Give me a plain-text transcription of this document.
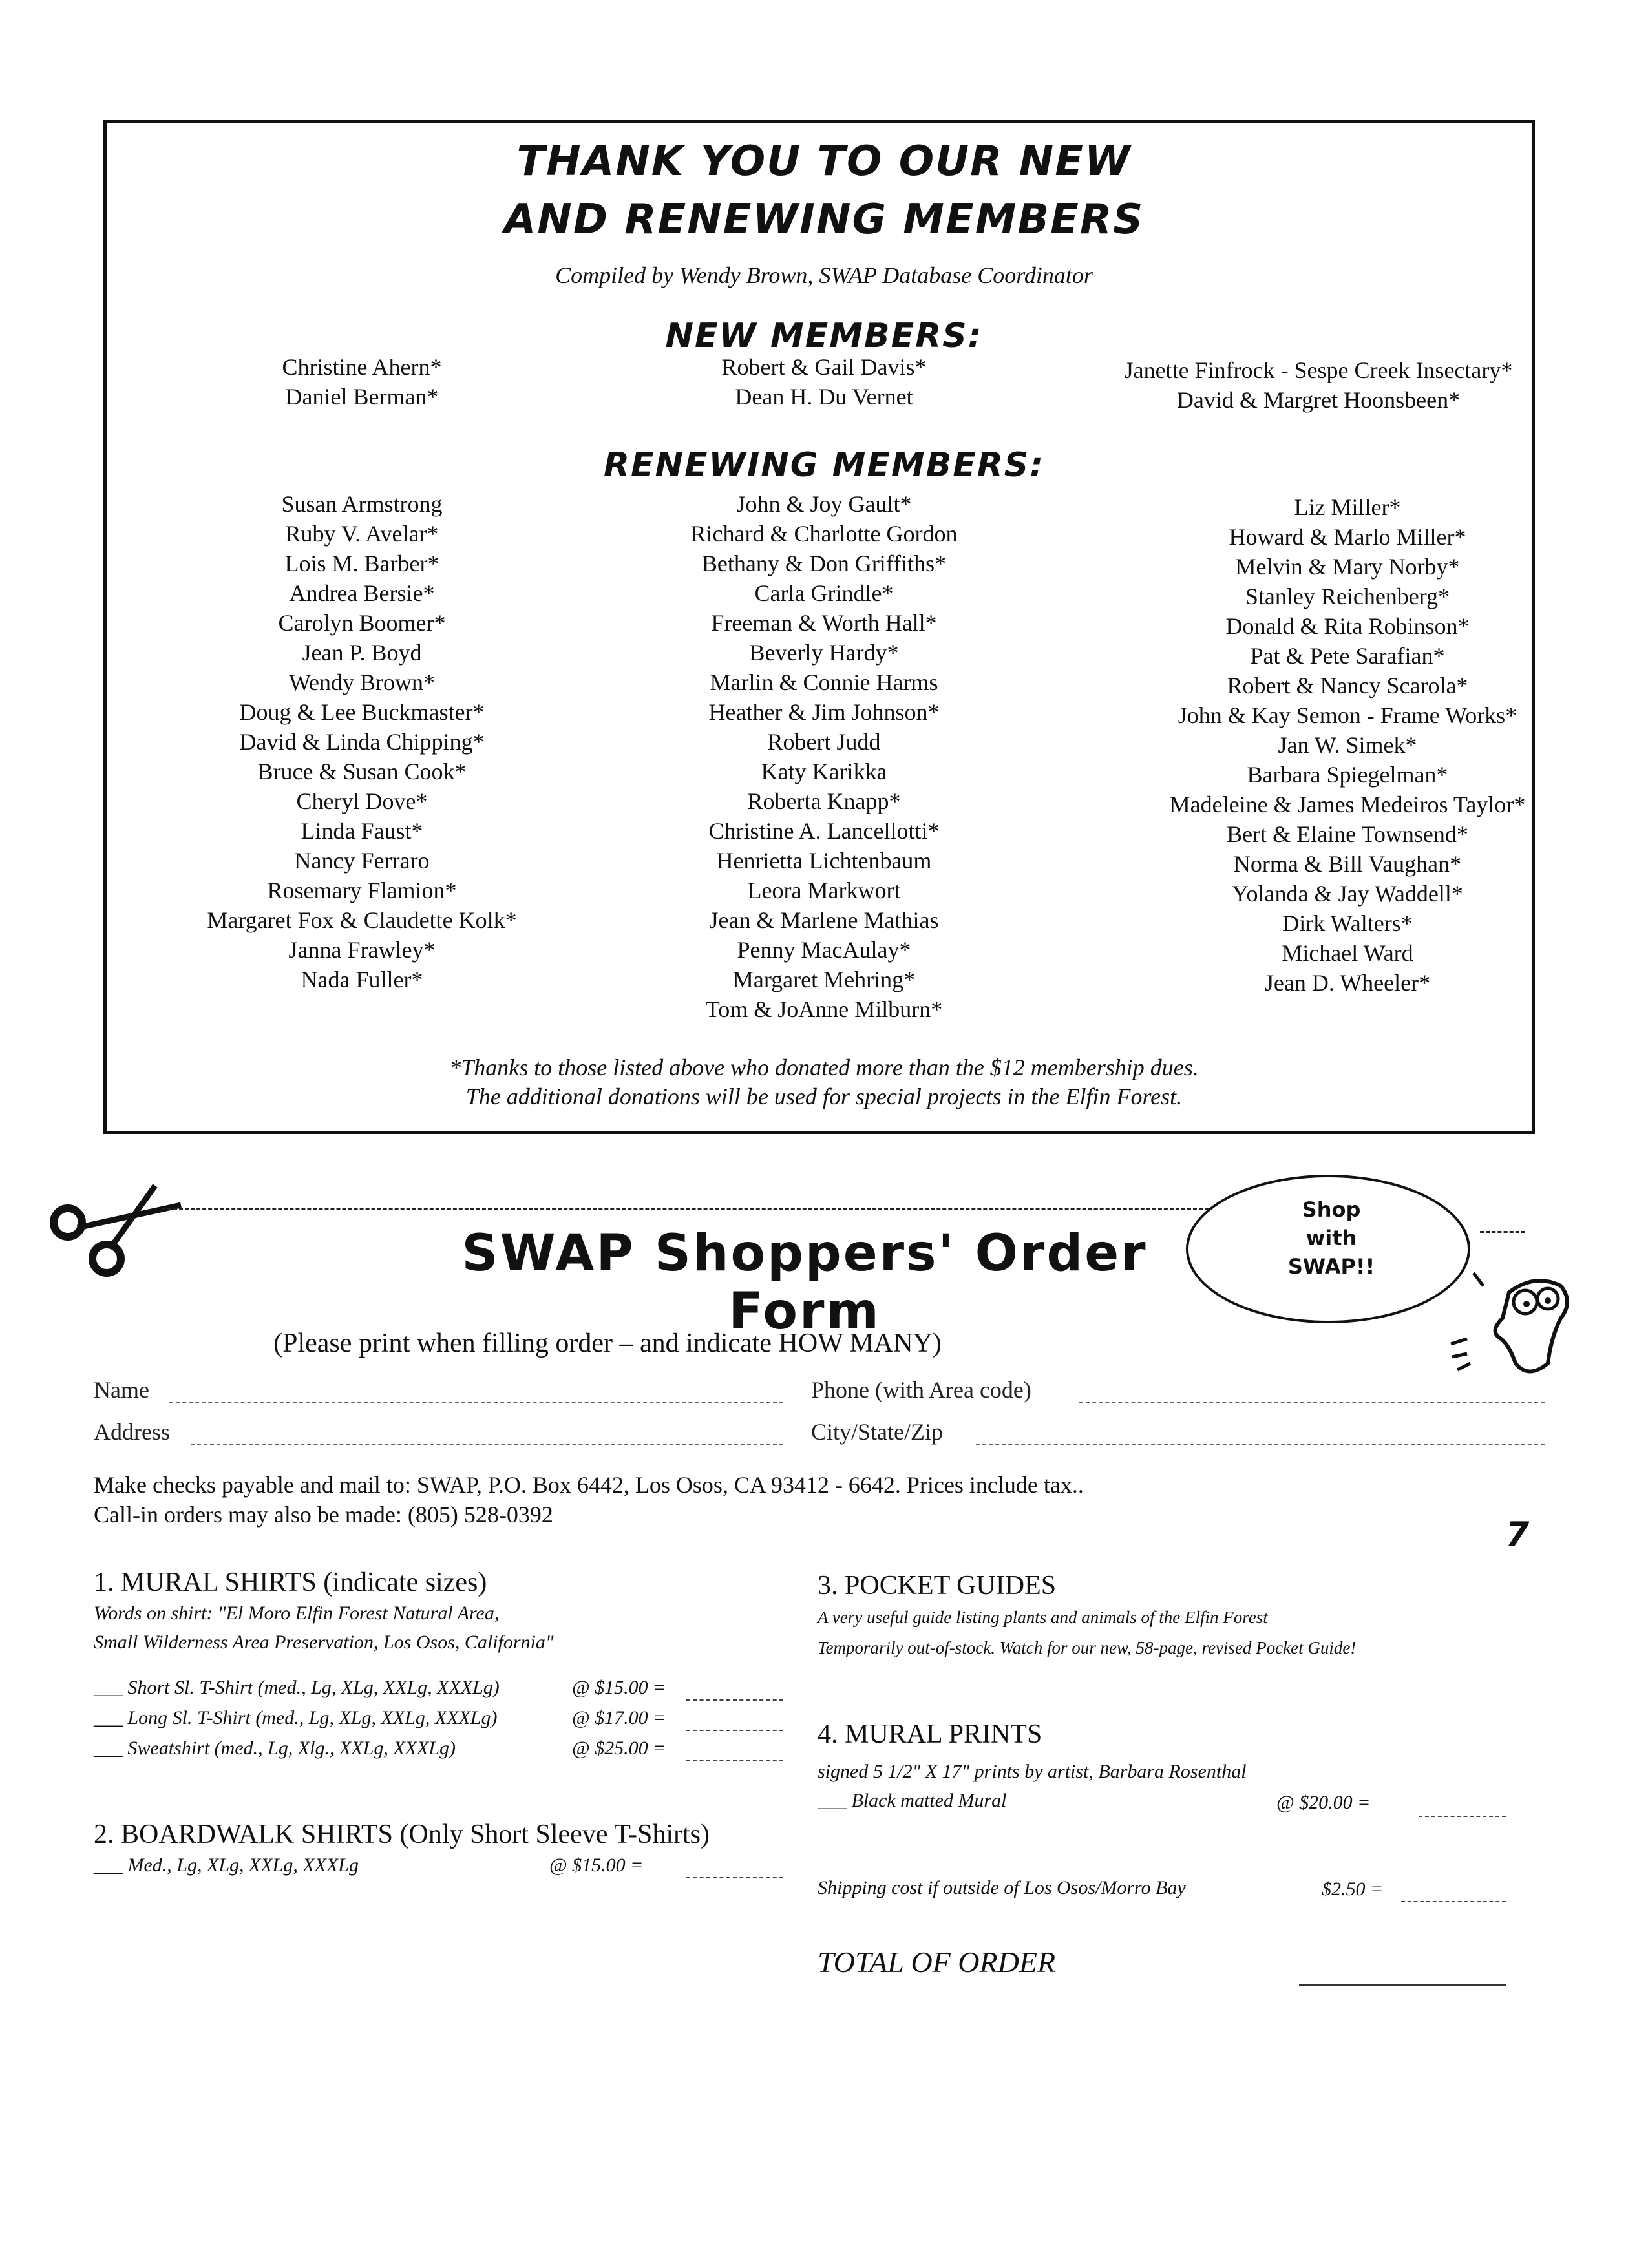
THANK YOU TO OUR NEW
AND RENEWING MEMBERS
Compiled by Wendy Brown, SWAP Database Coordinator
NEW MEMBERS:
Christine Ahern*
Daniel Berman*
Robert & Gail Davis*
Dean H. Du Vernet
Janette Finfrock - Sespe Creek Insectary*
David & Margret Hoonsbeen*
RENEWING MEMBERS:
Susan Armstrong
Ruby V. Avelar*
Lois M. Barber*
Andrea Bersie*
Carolyn Boomer*
Jean P. Boyd
Wendy Brown*
Doug & Lee Buckmaster*
David & Linda Chipping*
Bruce & Susan Cook*
Cheryl Dove*
Linda Faust*
Nancy Ferraro
Rosemary Flamion*
Margaret Fox & Claudette Kolk*
Janna Frawley*
Nada Fuller*
John & Joy Gault*
Richard & Charlotte Gordon
Bethany & Don Griffiths*
Carla Grindle*
Freeman & Worth Hall*
Beverly Hardy*
Marlin & Connie Harms
Heather & Jim Johnson*
Robert Judd
Katy Karikka
Roberta Knapp*
Christine A. Lancellotti*
Henrietta Lichtenbaum
Leora Markwort
Jean & Marlene Mathias
Penny MacAulay*
Margaret Mehring*
Tom & JoAnne Milburn*
Liz Miller*
Howard & Marlo Miller*
Melvin & Mary Norby*
Stanley Reichenberg*
Donald & Rita Robinson*
Pat & Pete Sarafian*
Robert & Nancy Scarola*
John & Kay Semon - Frame Works*
Jan W. Simek*
Barbara Spiegelman*
Madeleine & James Medeiros Taylor*
Bert & Elaine Townsend*
Norma & Bill Vaughan*
Yolanda & Jay Waddell*
Dirk Walters*
Michael Ward
Jean D. Wheeler*
*Thanks to those listed above who donated more than the $12 membership dues.
The additional donations will be used for special projects in the Elfin Forest.
Shop
with
SWAP!!
SWAP Shoppers' Order Form
(Please print when filling order – and indicate HOW MANY)
Name	Phone (with Area code)
Address	City/State/Zip
Make checks payable and mail to: SWAP, P.O. Box 6442, Los Osos, CA 93412 - 6642. Prices include tax..
Call-in orders may also be made: (805) 528-0392
1. MURAL SHIRTS (indicate sizes)
Words on shirt: "El Moro Elfin Forest Natural Area,
Small Wilderness Area Preservation, Los Osos, California"
___ Short Sl. T-Shirt (med., Lg, XLg, XXLg, XXXLg)	@ $15.00 =
___ Long Sl. T-Shirt (med., Lg, XLg, XXLg, XXXLg)	@ $17.00 =
___ Sweatshirt (med., Lg, Xlg., XXLg, XXXLg)	@ $25.00 =
2. BOARDWALK SHIRTS (Only Short Sleeve T-Shirts)
___ Med., Lg, XLg, XXLg, XXXLg	@ $15.00 =
3. POCKET GUIDES
A very useful guide listing plants and animals of the Elfin Forest
Temporarily out-of-stock. Watch for our new, 58-page, revised Pocket Guide!
4. MURAL PRINTS
signed 5 1/2" X 17" prints by artist, Barbara Rosenthal
___ Black matted Mural	@ $20.00 =
Shipping cost if outside of Los Osos/Morro Bay	$2.50 =
TOTAL OF ORDER
7
